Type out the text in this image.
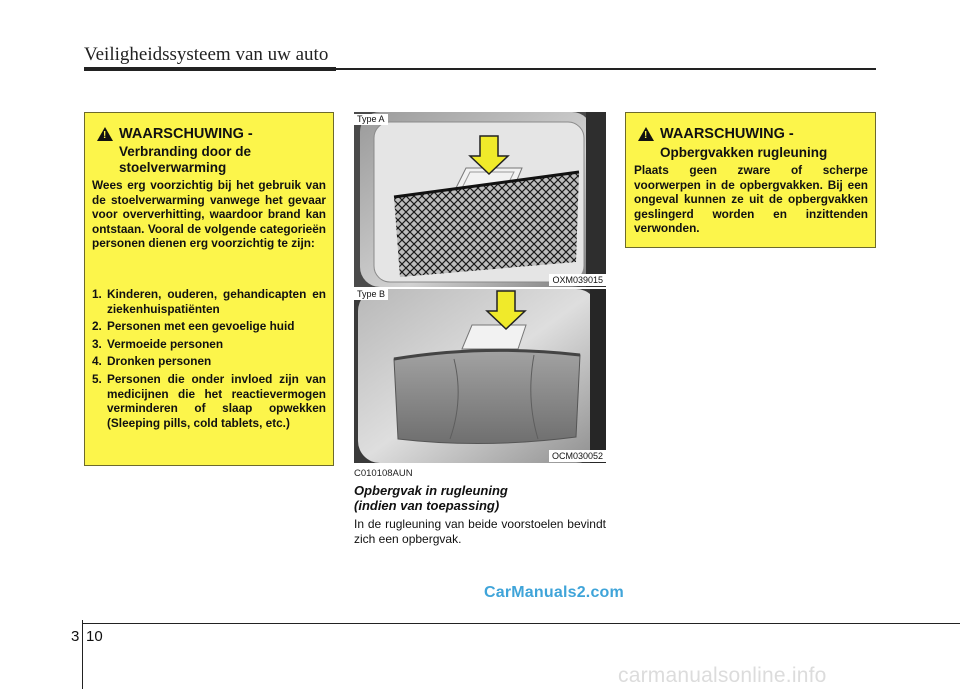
Veiligheidssysteem van uw auto
! WAARSCHUWING -
Verbranding door de
stoelverwarming
Wees erg voorzichtig bij het gebruik van de stoelverwarming vanwege het gevaar voor oververhitting, waardoor brand kan ontstaan. Vooral de volgende categorieën personen dienen erg voorzichtig te zijn:
1. Kinderen, ouderen, gehandicapten en ziekenhuispatiënten
2. Personen met een gevoelige huid
3. Vermoeide personen
4. Dronken personen
5. Personen die onder invloed zijn van medicijnen die het reactievermogen verminderen of slaap opwekken (Sleeping pills, cold tablets, etc.)
Type A
OXM039015
Type B
OCM030052
C010108AUN
Opbergvak in rugleuning
(indien van toepassing)
In de rugleuning van beide voorstoelen bevindt zich een opbergvak.
! WAARSCHUWING -
Opbergvakken rugleuning
Plaats geen zware of scherpe voorwerpen in de opbergvakken. Bij een ongeval kunnen ze uit de opbergvakken geslingerd worden en inzittenden verwonden.
CarManuals2.com
3 10
carmanualsonline.info
